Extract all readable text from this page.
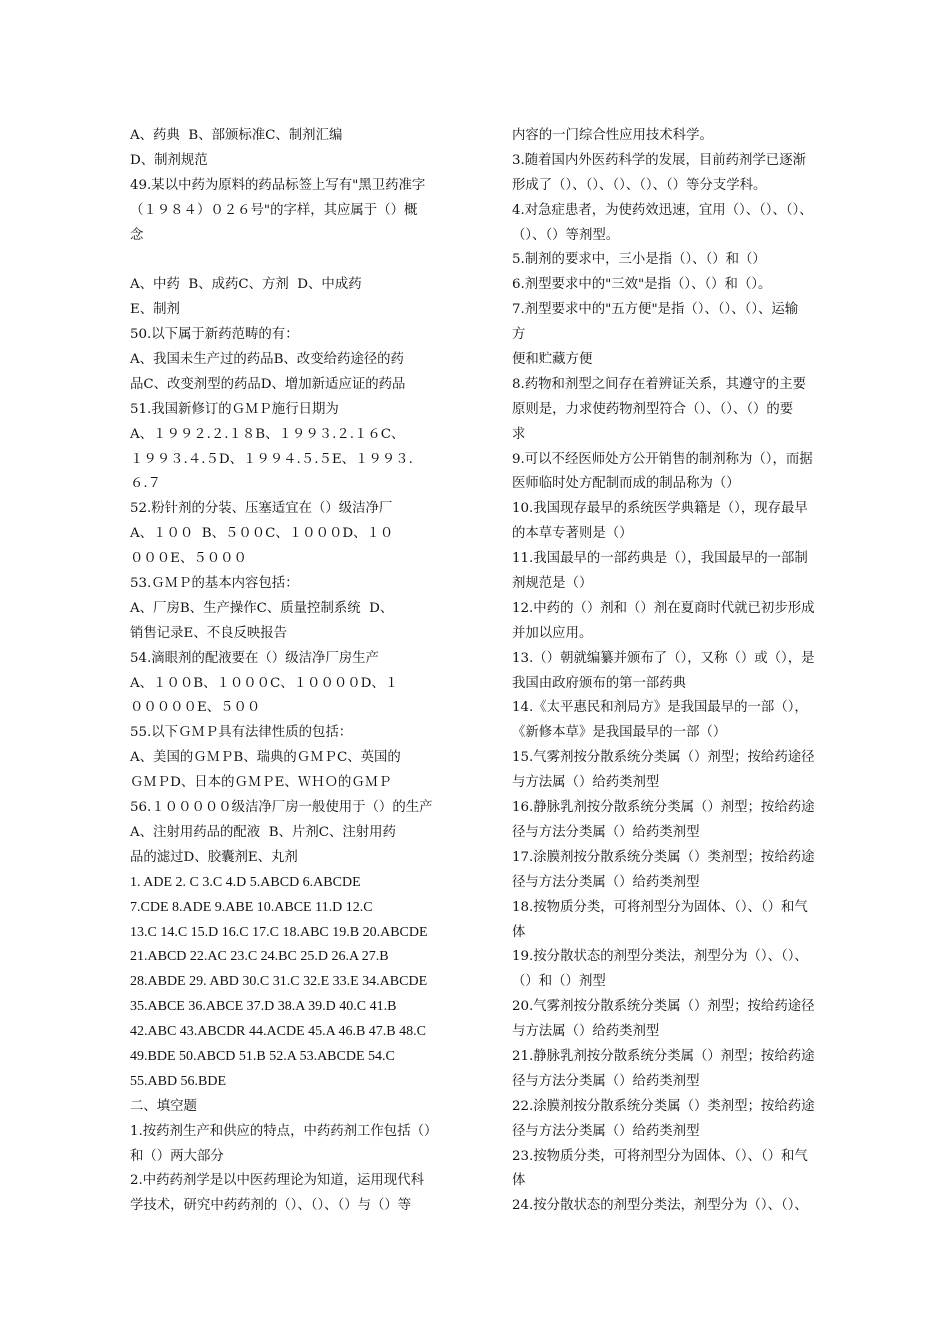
A、药典  B、部颁标准C、制剂汇编
D、制剂规范
49.某以中药为原料的药品标签上写有"黑卫药准字
（１９８４）０２６号"的字样，其应属于（）概
念
A、中药  B、成药C、方剂  D、中成药
E、制剂
50.以下属于新药范畴的有：
A、我国未生产过的药品B、改变给药途径的药
品C、改变剂型的药品D、增加新适应证的药品
51.我国新修订的ＧＭＰ施行日期为
A、１９９２.２.１８B、１９９３.２.１６C、
１９９３.４.５D、１９９４.５.５E、１９９３.
６.７
52.粉针剂的分装、压塞适宜在（）级洁净厂
A、１００  B、５００C、１０００D、１０
０００E、５０００
53.ＧＭＰ的基本内容包括：
A、厂房B、生产操作C、质量控制系统  D、
销售记录E、不良反映报告
54.滴眼剂的配液要在（）级洁净厂房生产
A、１００B、１０００C、１００００D、１
０００００E、５００
55.以下ＧＭＰ具有法律性质的包括：
A、美国的ＧＭＰB、瑞典的ＧＭＰC、英国的
ＧＭＰD、日本的ＧＭＰE、ＷＨＯ的ＧＭＰ
56.１０００００级洁净厂房一般使用于（）的生产
A、注射用药品的配液  B、片剂C、注射用药
品的滤过D、胶囊剂E、丸剂
1. ADE 2. C 3.C 4.D 5.ABCD 6.ABCDE
7.CDE 8.ADE 9.ABE 10.ABCE 11.D 12.C
13.C 14.C 15.D 16.C 17.C 18.ABC 19.B 20.ABCDE
21.ABCD 22.AC 23.C 24.BC 25.D 26.A 27.B
28.ABDE 29. ABD 30.C 31.C 32.E 33.E 34.ABCDE
35.ABCE 36.ABCE 37.D 38.A 39.D 40.C 41.B
42.ABC 43.ABCDR 44.ACDE 45.A 46.B 47.B 48.C
49.BDE 50.ABCD 51.B 52.A 53.ABCDE 54.C
55.ABD 56.BDE
二、填空题
1.按药剂生产和供应的特点，中药药剂工作包括（）
和（）两大部分
2.中药药剂学是以中医药理论为知道，运用现代科
学技术，研究中药药剂的（）、（）、（）与（）等
内容的一门综合性应用技术科学。
3.随着国内外医药科学的发展，目前药剂学已逐渐
形成了（）、（）、（）、（）、（）等分支学科。
4.对急症患者，为使药效迅速，宜用（）、（）、（）、
（）、（）等剂型。
5.制剂的要求中，三小是指（）、（）和（）
6.剂型要求中的"三效"是指（）、（）和（）。
7.剂型要求中的"五方便"是指（）、（）、（）、运输
方
便和贮藏方便
8.药物和剂型之间存在着辨证关系，其遵守的主要
原则是，力求使药物剂型符合（）、（）、（）的要
求
9.可以不经医师处方公开销售的制剂称为（），而据
医师临时处方配制而成的制品称为（）
10.我国现存最早的系统医学典籍是（），现存最早
的本草专著则是（）
11.我国最早的一部药典是（），我国最早的一部制
剂规范是（）
12.中药的（）剂和（）剂在夏商时代就已初步形成
并加以应用。
13.（）朝就编纂并颁布了（），又称（）或（），是
我国由政府颁布的第一部药典
14.《太平惠民和剂局方》是我国最早的一部（），
《新修本草》是我国最早的一部（）
15.气雾剂按分散系统分类属（）剂型；按给药途径
与方法属（）给药类剂型
16.静脉乳剂按分散系统分类属（）剂型；按给药途
径与方法分类属（）给药类剂型
17.涂膜剂按分散系统分类属（）类剂型；按给药途
径与方法分类属（）给药类剂型
18.按物质分类，可将剂型分为固体、（）、（）和气
体
19.按分散状态的剂型分类法，剂型分为（）、（）、
（）和（）剂型
20.气雾剂按分散系统分类属（）剂型；按给药途径
与方法属（）给药类剂型
21.静脉乳剂按分散系统分类属（）剂型；按给药途
径与方法分类属（）给药类剂型
22.涂膜剂按分散系统分类属（）类剂型；按给药途
径与方法分类属（）给药类剂型
23.按物质分类，可将剂型分为固体、（）、（）和气
体
24.按分散状态的剂型分类法，剂型分为（）、（）、
